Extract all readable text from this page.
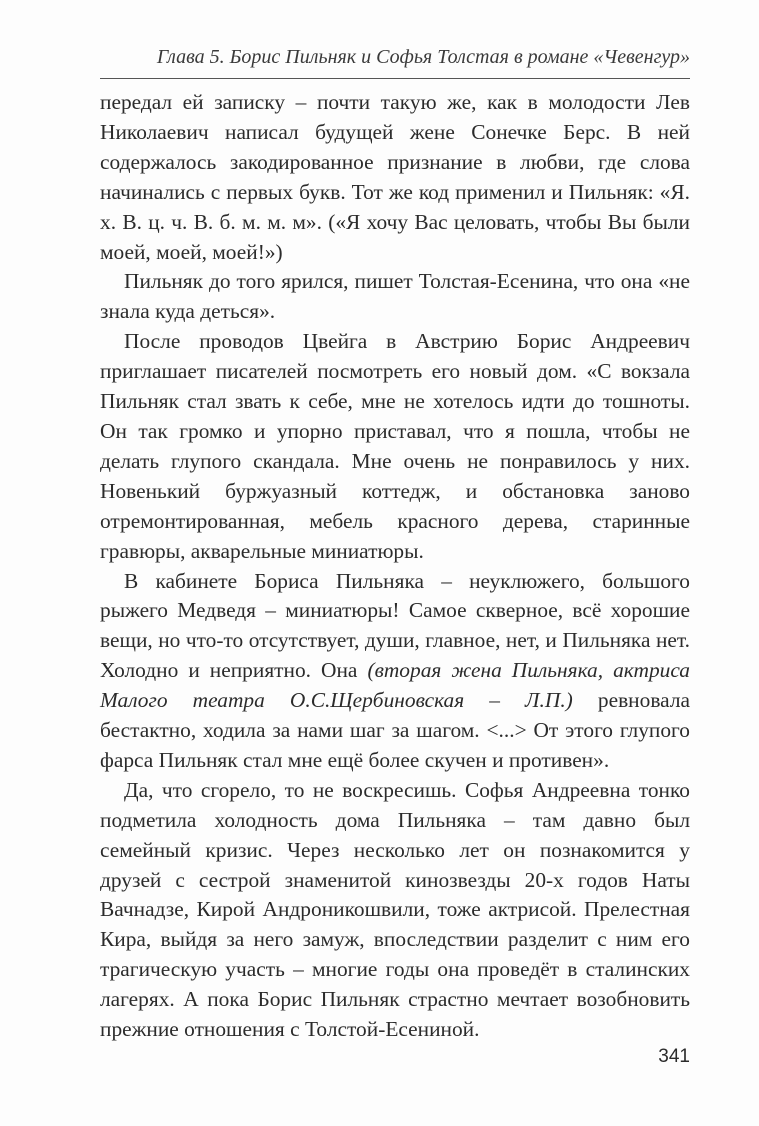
Глава 5. Борис Пильняк и Софья Толстая в романе «Чевенгур»

передал ей записку – почти такую же, как в молодости Лев Николаевич написал будущей жене Сонечке Берс. В ней содержалось закодированное признание в любви, где слова начинались с первых букв. Тот же код применил и Пильняк: «Я. х. В. ц. ч. В. б. м. м. м». («Я хочу Вас целовать, чтобы Вы были моей, моей, моей!»)

Пильняк до того ярился, пишет Толстая-Есенина, что она «не знала куда деться».

После проводов Цвейга в Австрию Борис Андреевич приглашает писателей посмотреть его новый дом. «С вокзала Пильняк стал звать к себе, мне не хотелось идти до тошноты. Он так громко и упорно приставал, что я пошла, чтобы не делать глупого скандала. Мне очень не понравилось у них. Новенький буржуазный коттедж, и обстановка заново отремонтированная, мебель красного дерева, старинные гравюры, акварельные миниатюры.

В кабинете Бориса Пильняка – неуклюжего, большого рыжего Медведя – миниатюры! Самое скверное, всё хорошие вещи, но что-то отсутствует, души, главное, нет, и Пильняка нет. Холодно и неприятно. Она (вторая жена Пильняка, актриса Малого театра О.С.Щербиновская – Л.П.) ревновала бестактно, ходила за нами шаг за шагом. <...> От этого глупого фарса Пильняк стал мне ещё более скучен и противен».

Да, что сгорело, то не воскресишь. Софья Андреевна тонко подметила холодность дома Пильняка – там давно был семейный кризис. Через несколько лет он познакомится у друзей с сестрой знаменитой кинозвезды 20-х годов Наты Вачнадзе, Кирой Андроникошвили, тоже актрисой. Прелестная Кира, выйдя за него замуж, впоследствии разделит с ним его трагическую участь – многие годы она проведёт в сталинских лагерях. А пока Борис Пильняк страстно мечтает возобновить прежние отношения с Толстой-Есениной.

341
